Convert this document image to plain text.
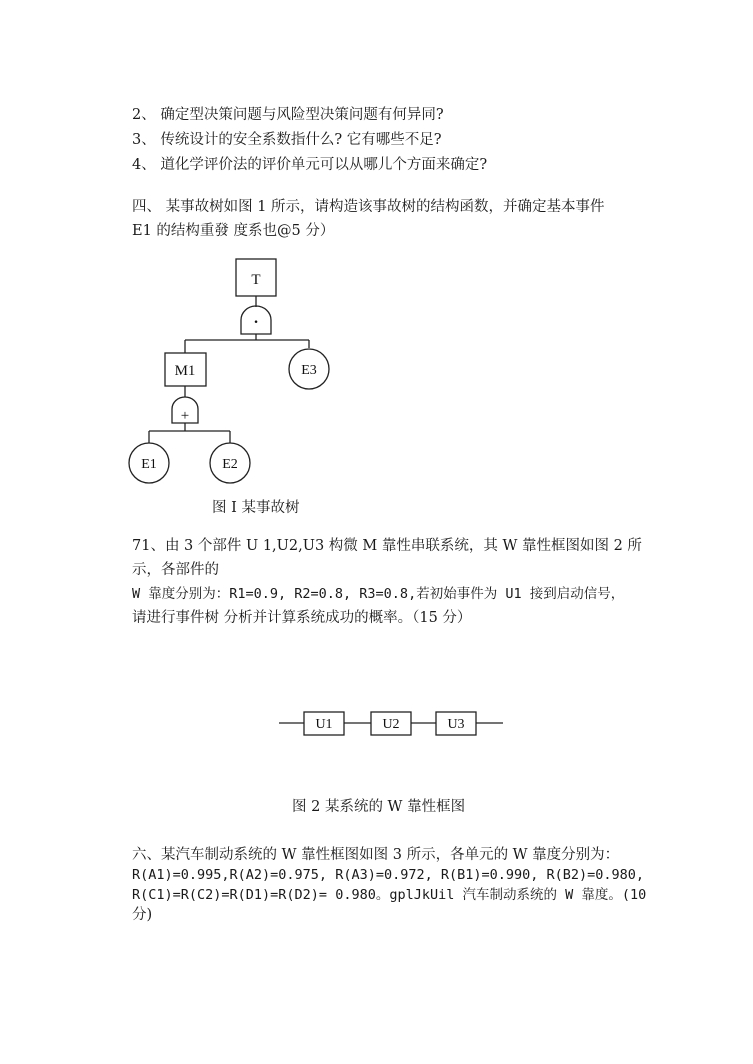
2、 确定型决策问题与风险型决策问题有何异同?
3、 传统设计的安全系数指什么? 它有哪些不足?
4、 道化学评价法的评价单元可以从哪儿个方面来确定?
四、 某事故树如图 1 所示，请构造该事故树的结构函数，并确定基本事件
E1 的结构重發 度系也@5 分）
T
·
M1
+
E1	E2
E3
U1	U2	U3
图 I 某事故树
71、由 3 个部件 U 1,U2,U3 构微 M 靠性串联系统，其 W 靠性框图如图 2 所
示，各部件的
W 靠度分别为：R1=0.9, R2=0.8, R3=0.8,若初始事件为 U1 接到启动信号，
请进行事件树 分析并计算系统成功的概率。（15 分）
图 2 某系统的 W 靠性框图
六、某汽车制动系统的 W 靠性框图如图 3 所示，各单元的 W 靠度分别为：
R(A1)=0.995,R(A2)=0.975, R(A3)=0.972, R(B1)=0.990, R(B2)=0.980,
R(C1)=R(C2)=R(D1)=R(D2)= 0.980。gplJkUil 汽车制动系统的 W 靠度。(10
分)
